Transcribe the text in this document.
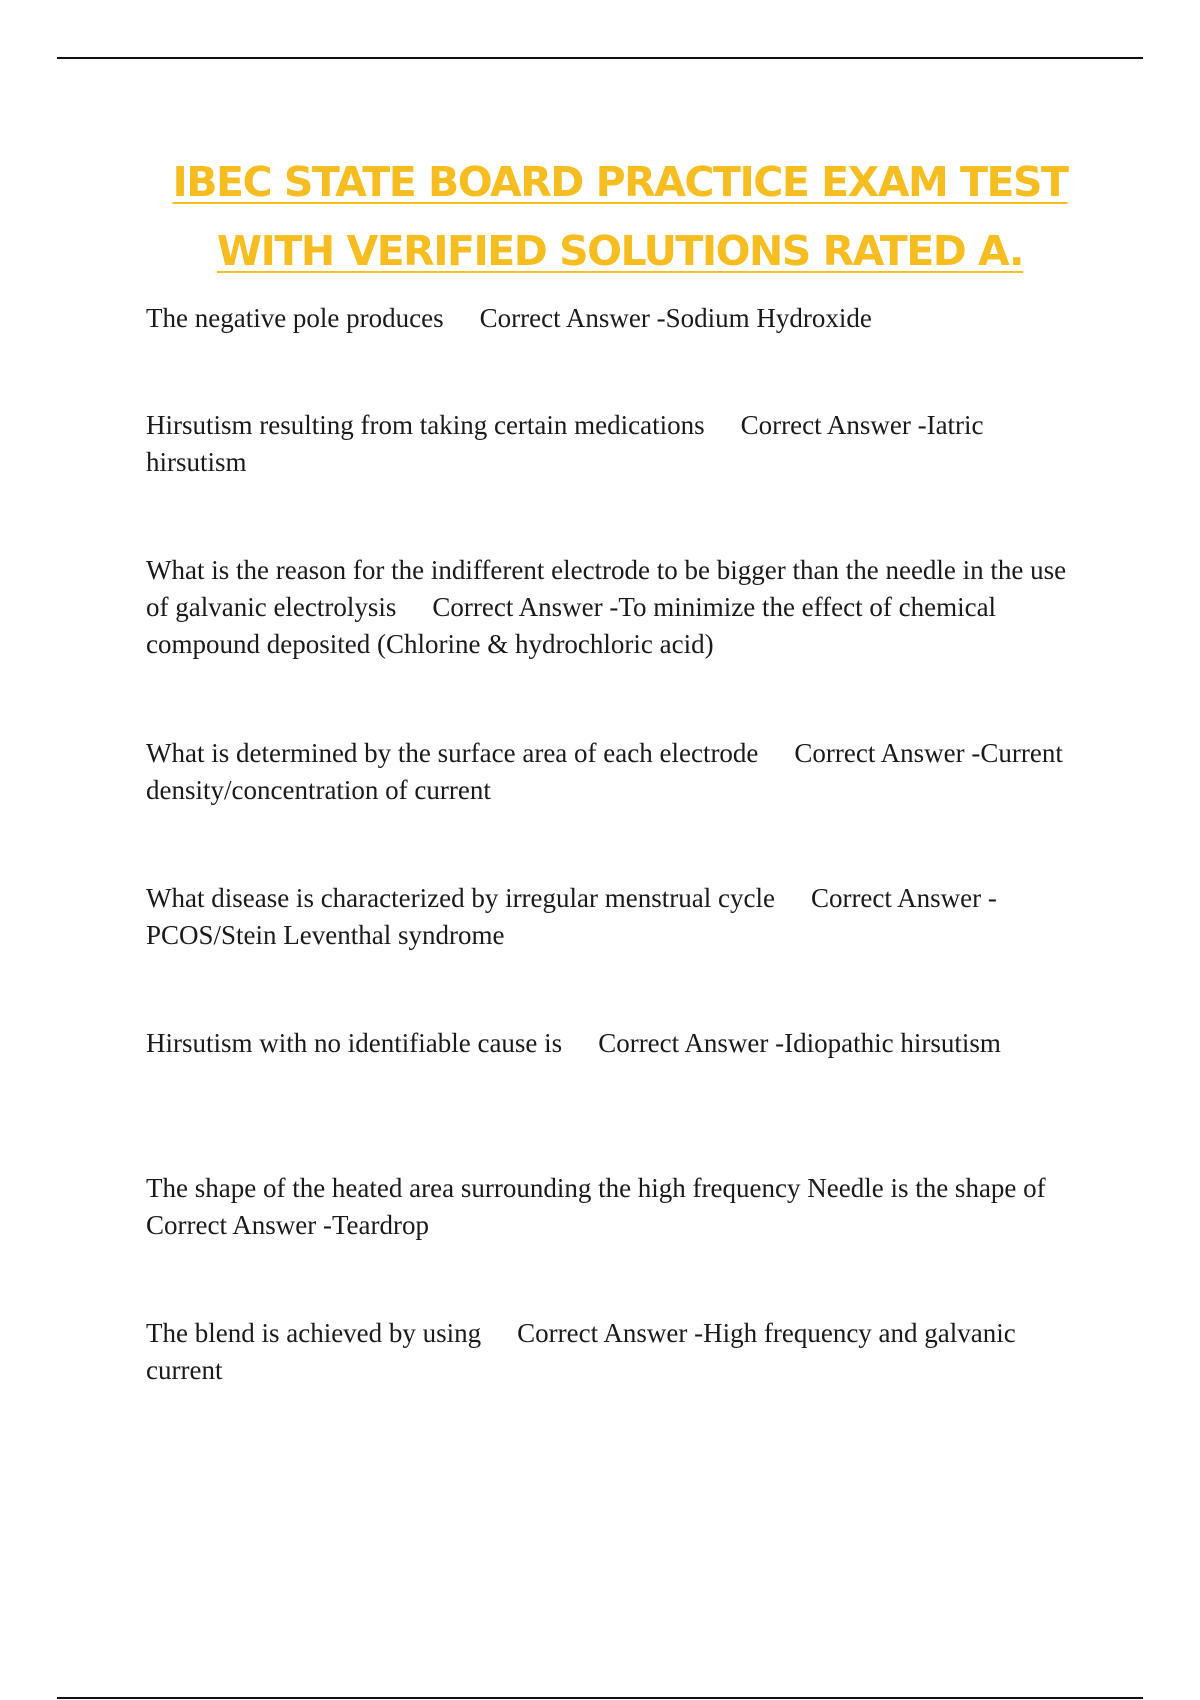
IBEC STATE BOARD PRACTICE EXAM TEST
WITH VERIFIED SOLUTIONS RATED A.
The negative pole produces Correct Answer -Sodium Hydroxide
Hirsutism resulting from taking certain medications Correct Answer -Iatric hirsutism
What is the reason for the indifferent electrode to be bigger than the needle in the use of galvanic electrolysis Correct Answer -To minimize the effect of chemical compound deposited (Chlorine & hydrochloric acid)
What is determined by the surface area of each electrode Correct Answer -Current density/concentration of current
What disease is characterized by irregular menstrual cycle Correct Answer -PCOS/Stein Leventhal syndrome
Hirsutism with no identifiable cause is Correct Answer -Idiopathic hirsutism
The shape of the heated area surrounding the high frequency Needle is the shape ofCorrect Answer -Teardrop
The blend is achieved by using Correct Answer -High frequency and galvanic current
